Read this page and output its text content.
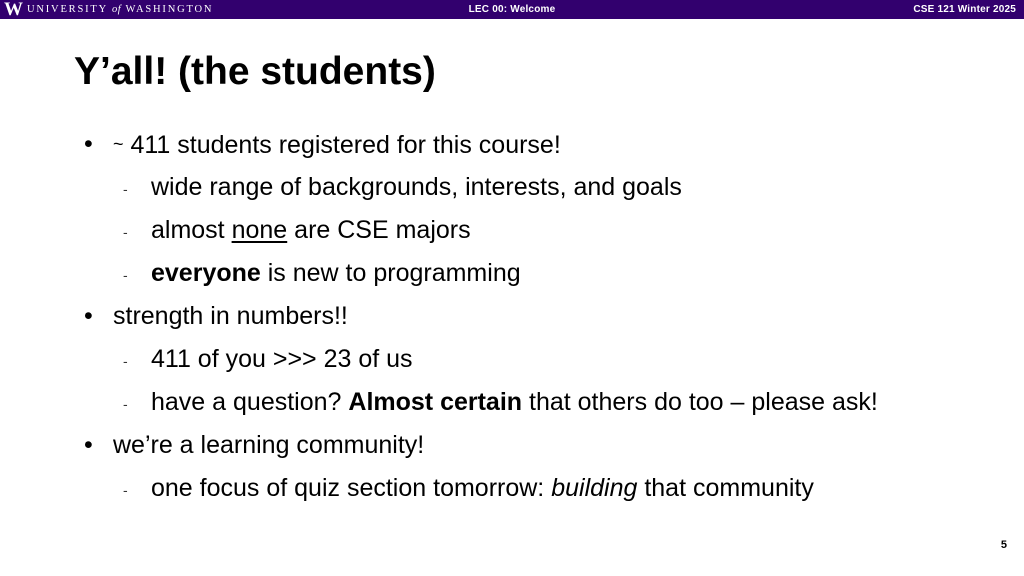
W UNIVERSITY of WASHINGTON	LEC 00: Welcome	CSE 121 Winter 2025
Y’all! (the students)
• ~ 411 students registered for this course!
- wide range of backgrounds, interests, and goals
- almost none are CSE majors
- everyone is new to programming
• strength in numbers!!
- 411 of you >>> 23 of us
- have a question? Almost certain that others do too – please ask!
• we’re a learning community!
- one focus of quiz section tomorrow: building that community
5
